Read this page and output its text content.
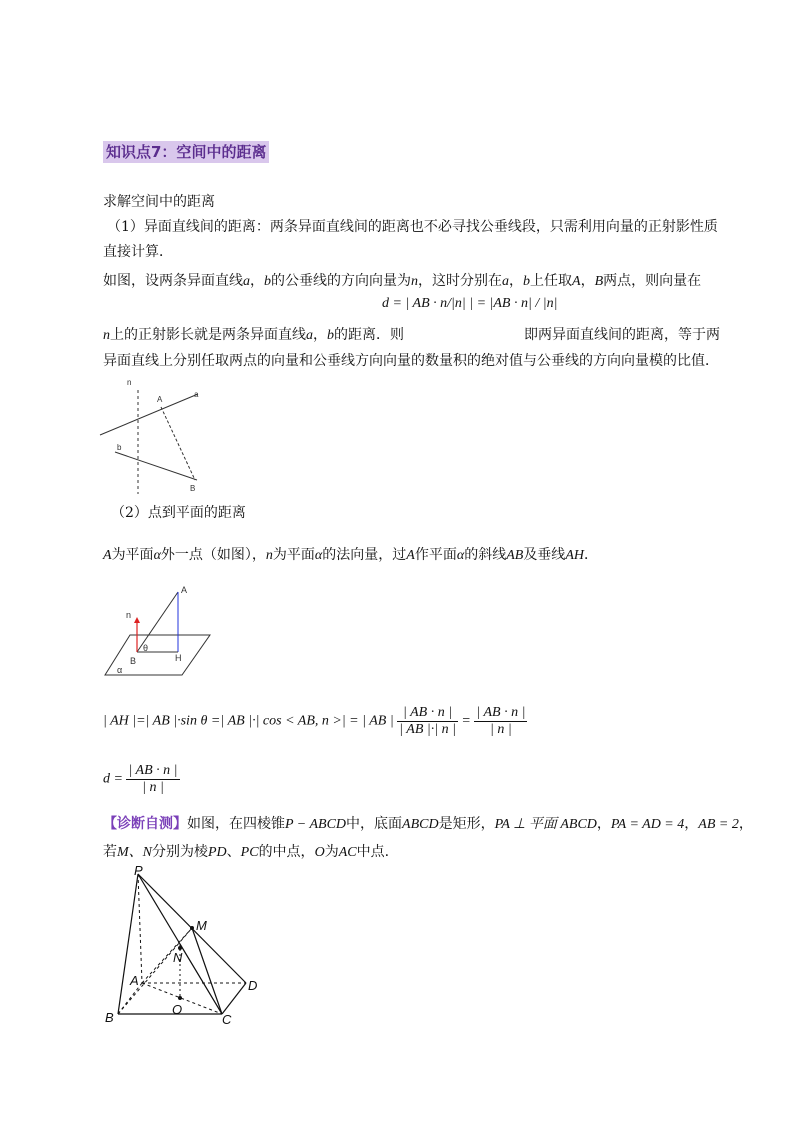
知识点7：空间中的距离
求解空间中的距离
（1）异面直线间的距离：两条异面直线间的距离也不必寻找公垂线段，只需利用向量的正射影性质
直接计算．
如图，设两条异面直线a，b的公垂线的方向向量为n，这时分别在a，b上任取A，B两点，则向量在
d = | AB · n/|n| | = |AB · n| / |n|
n上的正射影长就是两条异面直线a，b的距离．则	即两异面直线间的距离，等于两
异面直线上分别任取两点的向量和公垂线方向向量的数量积的绝对值与公垂线的方向向量模的比值．
n
a
A
b
B
（2）点到平面的距离
A为平面α外一点（如图），n为平面α的法向量，过A作平面α的斜线AB及垂线AH．
A
n
θ
B	H
α
| AH |=| AB |·sin θ =| AB |·| cos < AB, n >| = | AB | $\frac{| AB \cdot n |}{| AB |\cdot| n |} = \frac{| AB \cdot n |}{| n |}$
$d = \frac{| AB \cdot n |}{| n |}$
【诊断自测】如图，在四棱锥P − ABCD中，底面ABCD是矩形，PA ⊥ 平面 ABCD，PA = AD = 4，AB = 2，
若M、N分别为棱PD、PC的中点，O为AC中点.
P
M
N
A	D
O
B	C
